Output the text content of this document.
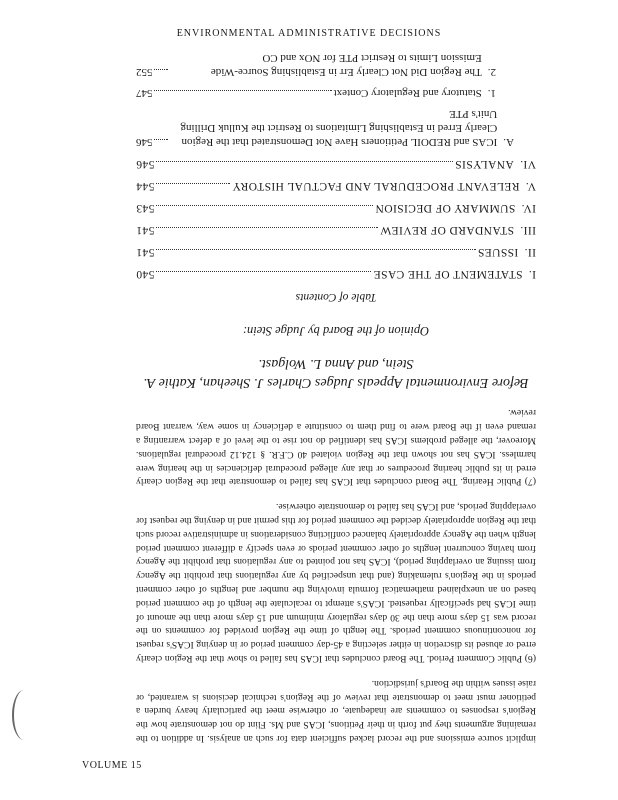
ENVIRONMENTAL ADMINISTRATIVE DECISIONS

implicit source emissions and the record lacked sufficient data for such an analysis. In addition to the remaining arguments they put forth in their Petitions, ICAS and Ms. Flint do not demonstrate how the Region's responses to comments are inadequate, or otherwise meet the particularly heavy burden a petitioner must meet to demonstrate that review of the Region's technical decisions is warranted, or raise issues within the Board's jurisdiction.

(6) Public Comment Period. The Board concludes that ICAS has failed to show that the Region clearly erred or abused its discretion in either selecting a 45-day comment period or in denying ICAS's request for noncontinuous comment periods. The length of time the Region provided for comments on the record was 15 days more than the 30 days regulatory minimum and 15 days more than the amount of time ICAS had specifically requested. ICAS's attempt to recalculate the length of the comment period based on an unexplained mathematical formula involving the number and lengths of other comment periods in the Region's rulemaking (and that unspecified by any regulations that prohibit the Agency from issuing an overlapping period), ICAS has not pointed to any regulations that prohibit the Agency from having concurrent lengths of other comment periods or even specify a different comment period length when the Agency appropriately balanced conflicting considerations in administrative record such that the Region appropriately decided the comment period for this permit and in denying the request for overlapping periods, and ICAS has failed to demonstrate otherwise.

(7) Public Hearing. The Board concludes that ICAS has failed to demonstrate that the Region clearly erred in its public hearing procedures or that any alleged procedural deficiencies in the hearing were harmless. ICAS has not shown that the Region violated 40 C.F.R. § 124.12 procedural regulations. Moreover, the alleged problems ICAS has identified do not rise to the level of a defect warranting a remand even if the Board were to find them to constitute a deficiency in some way, warrant Board review.

Before Environmental Appeals Judges Charles J. Sheehan, Kathie A. Stein, and Anna L. Wolgast.
Opinion of the Board by Judge Stein:
Table of Contents
I.
STATEMENT OF THE CASE
540
II.
ISSUES
541
III.
STANDARD OF REVIEW
541
IV.
SUMMARY OF DECISION
543
V.
RELEVANT PROCEDURAL AND FACTUAL HISTORY
544
VI.
ANALYSIS
546
A.
ICAS and REDOIL Petitioners Have Not Demonstrated that the Region Clearly Erred in Establishing Limitations to Restrict the Kulluk Drilling Unit's PTE
546
1.
Statutory and Regulatory Context
547
2.
The Region Did Not Clearly Err in Establishing Source-Wide Emission Limits to Restrict PTE for NOx and CO
552
VOLUME 15
